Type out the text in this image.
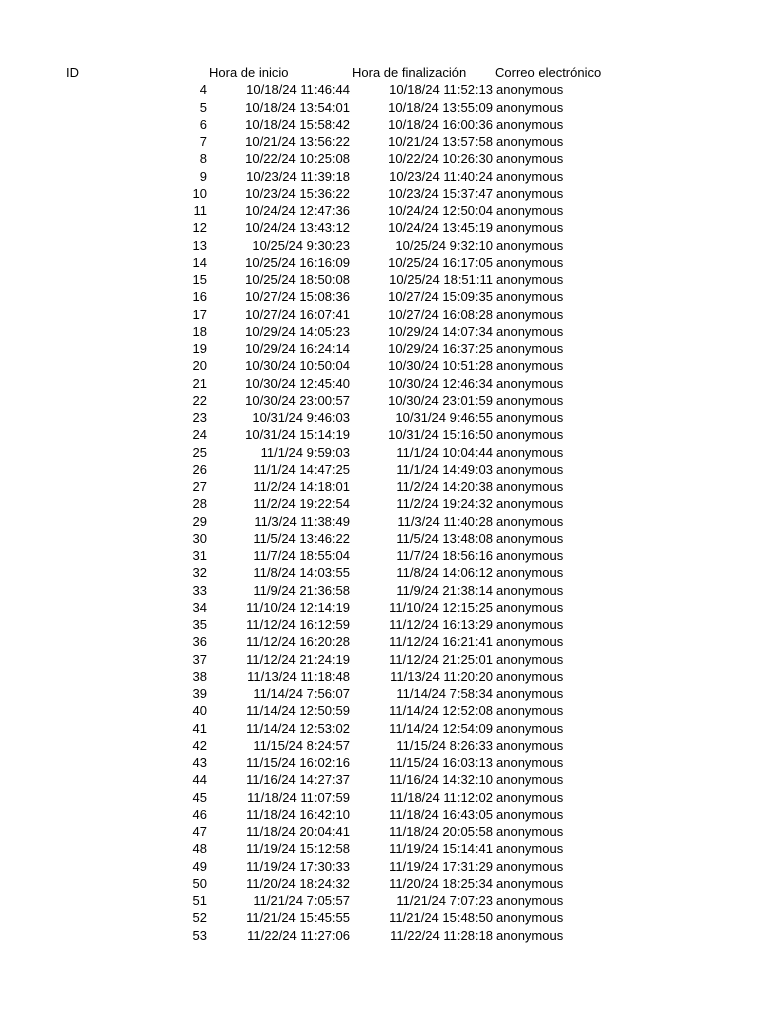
ID	Hora de inicio	Hora de finalización Correo electrónico
4	10/18/24 11:46:44	10/18/24 11:52:13 anonymous
5	10/18/24 13:54:01	10/18/24 13:55:09 anonymous
6	10/18/24 15:58:42	10/18/24 16:00:36 anonymous
7	10/21/24 13:56:22	10/21/24 13:57:58 anonymous
8	10/22/24 10:25:08	10/22/24 10:26:30 anonymous
9	10/23/24 11:39:18	10/23/24 11:40:24 anonymous
10	10/23/24 15:36:22	10/23/24 15:37:47 anonymous
11	10/24/24 12:47:36	10/24/24 12:50:04 anonymous
12	10/24/24 13:43:12	10/24/24 13:45:19 anonymous
13	10/25/24 9:30:23	10/25/24 9:32:10 anonymous
14	10/25/24 16:16:09	10/25/24 16:17:05 anonymous
15	10/25/24 18:50:08	10/25/24 18:51:11 anonymous
16	10/27/24 15:08:36	10/27/24 15:09:35 anonymous
17	10/27/24 16:07:41	10/27/24 16:08:28 anonymous
18	10/29/24 14:05:23	10/29/24 14:07:34 anonymous
19	10/29/24 16:24:14	10/29/24 16:37:25 anonymous
20	10/30/24 10:50:04	10/30/24 10:51:28 anonymous
21	10/30/24 12:45:40	10/30/24 12:46:34 anonymous
22	10/30/24 23:00:57	10/30/24 23:01:59 anonymous
23	10/31/24 9:46:03	10/31/24 9:46:55 anonymous
24	10/31/24 15:14:19	10/31/24 15:16:50 anonymous
25	11/1/24 9:59:03	11/1/24 10:04:44 anonymous
26	11/1/24 14:47:25	11/1/24 14:49:03 anonymous
27	11/2/24 14:18:01	11/2/24 14:20:38 anonymous
28	11/2/24 19:22:54	11/2/24 19:24:32 anonymous
29	11/3/24 11:38:49	11/3/24 11:40:28 anonymous
30	11/5/24 13:46:22	11/5/24 13:48:08 anonymous
31	11/7/24 18:55:04	11/7/24 18:56:16 anonymous
32	11/8/24 14:03:55	11/8/24 14:06:12 anonymous
33	11/9/24 21:36:58	11/9/24 21:38:14 anonymous
34	11/10/24 12:14:19	11/10/24 12:15:25 anonymous
35	11/12/24 16:12:59	11/12/24 16:13:29 anonymous
36	11/12/24 16:20:28	11/12/24 16:21:41 anonymous
37	11/12/24 21:24:19	11/12/24 21:25:01 anonymous
38	11/13/24 11:18:48	11/13/24 11:20:20 anonymous
39	11/14/24 7:56:07	11/14/24 7:58:34 anonymous
40	11/14/24 12:50:59	11/14/24 12:52:08 anonymous
41	11/14/24 12:53:02	11/14/24 12:54:09 anonymous
42	11/15/24 8:24:57	11/15/24 8:26:33 anonymous
43	11/15/24 16:02:16	11/15/24 16:03:13 anonymous
44	11/16/24 14:27:37	11/16/24 14:32:10 anonymous
45	11/18/24 11:07:59	11/18/24 11:12:02 anonymous
46	11/18/24 16:42:10	11/18/24 16:43:05 anonymous
47	11/18/24 20:04:41	11/18/24 20:05:58 anonymous
48	11/19/24 15:12:58	11/19/24 15:14:41 anonymous
49	11/19/24 17:30:33	11/19/24 17:31:29 anonymous
50	11/20/24 18:24:32	11/20/24 18:25:34 anonymous
51	11/21/24 7:05:57	11/21/24 7:07:23 anonymous
52	11/21/24 15:45:55	11/21/24 15:48:50 anonymous
53	11/22/24 11:27:06	11/22/24 11:28:18 anonymous
